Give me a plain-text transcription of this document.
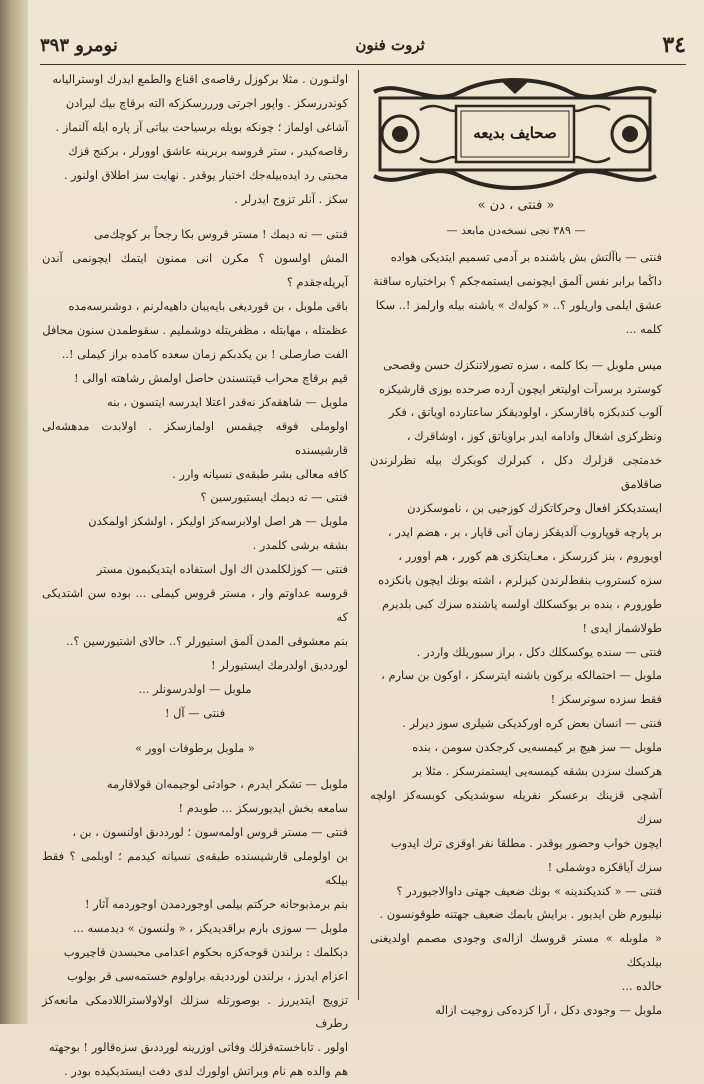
٣٤
ثروت فنون
نومرو ٣٩٣
صحايف بديعه
« فنتى ، دن »
— ٣٨٩ نجى نسخه‌دن مابعد —

اولنـورن . مثلا بركوزل رقاصه‌ى اقناع والطمع ايدرك اوسترالياىه

كوندررسكز . واپور اجرتى ورررسكزكه الته برقاچ بيك ليرادن

آشاغى اولماز ؛ چونكه بويله برسياحت بياتى آز پاره ايله آلنماز .

رقاصه‌كيدر ، ستر قروسه بربرينه عاشق اوورلر ، بركنج قزك

محبتى رد ايده‌بيله‌جك اختيار يوقدر . نهايت سز اطلاق اولنور .

سكز . آنلر تزوج ايدرلر .

فنتى — نه ديمك ! مستر قروس بكا رجحاً بر كوچك‌مى

المش اولسون ؟ مكرن انى ممنون ايتمك ايچونمى آندن آيريله‌جقدم ؟

باقى ملوبل ، بن قورديغى بايه‌يبان داهيه‌لرنم ، دوشىرسه‌مده

عظمتله ، مهابتله ، مظفريتله دوشمليم . سقوطمدن سنون محافل

الفت صارصلى ! بن يكدبكم زمان سعده كامده براز كيملى !..

قيم برقاچ محراب قيتنسندن حاصل اولمش رشاهته اوالى !

ملوبل — شاهقه‌كز نه‌قدر اعتلا ايدرسه ايتسون ، بنه

اولوملى فوقه چيقمس اولمازسكز . اولابدت مدهشه‌لى قارشيسنده

كافه معالى بشر طبقه‌ى نسيانه وارر .

فنتى — نه ديمك ايستيورسين ؟

ملوبل — هر اصل اولابرسه‌كز اوليكز ، اولشكز اولمكدن

بشقه برشى كلمدر .

فنتى — كوزلكلمدن اك اول استفاده ايتديكيمون مستر

قروسه عداوتم وار ، مستر قروس كيملى ... بوده سن اشتديكى كه

بنم معشوقى المدن آلمق استيورلر ؟.. حالاى اشتيورسين ؟..

لوردديق اولدرمك ايستيورلر !

ملوبل — اولدرسونلر ...

فنتى — آل !

« ملوبل برطوفات اوور »

ملوبل — تشكر ايدرم ، حوادثى لوجيمه‌ان قولاقارمه

سامعه بخش ايديورسكز ... طوبدم !

فنتى — مستر قروس اولمه‌سون ؛ لورددىق اولنسون ، بن ،

بن اولوملى قارشيسنده طبقه‌ى نسيانه كيدمم ؛ اوبلمى ؟ فقط بيلكه

بنم برمذبوحانه حركتم بيلمى اوجوردمدن اوجوردمه آثار !

ملوبل — سوزى بارم براقديديكز ، « ولنسون » ديدمسه ...

دېكلمك : برلندن قوجه‌كزه بحكوم اعدامى محبسدن قاچيروب

اعزام ايدرز ، برلندن لوردديقه براولوم خستمه‌سى قر بولوب

تزويج ايتديررز . بوصورتله سزلك اولاولاستراللاد‌مكى مانعه‌كز رطرف

اولور . تاباخسته‌قزلك وفاتى اوزرينه لورددىق سزه‌قالور ! بوجهته

هم والده هم نام وبراتش اولورك لدى دفت ايستديكيده بودر .

فنتى — باآلتش بش ياشنده بر آدمى تسميم ايتديكى هواده

داڭما برابر نفس آلمق ايچونمى ايستمه‌جكم ؟ براختياره ساقنة

عشق ايلمى واريلور ؟.. « كوله‌ك » ياشنه بيله وارلمز !.. سكا

كلمه ...

ميس ملوبل — بكا كلمه ، سزه تصورلاتنكزك حسن وقصحى

كوسترد برسرآت اوليتغر ايچون آرده صرحده بوزى قارشيكزه

آلوب كندبكزه باقارسكز ، اولوديقكز ساعتارده اوياتق ، فكر

ونظركزى اشغال وادامه ايدر براوياتق كوز ، اوشاقرك ،

خدمتجى قزلرك دكل ، كبرلرك كوبكرك بيله نظرلرندن صاقلامق

ايستديككز افعال وحركاتكزك كوزجيى بن ، ناموسكزدن

بر پارچه قوپاروب آلديقكز زمان آنى قاپار ، بر ، هضم ايدر ،

اويوروم ، بنز كزرسكز ، معـايتكزى هم كورر ، هم اوورر ،

سزه كستروب بنقط‌لرندن كيزلرم ، اشته بونك ايچون بانكزده

طورورم ، بنده بر يوكسكلك اولسه ياشنده سزك كبى بلديرم

طولاشماز ايدى !

فنتى — سنده يوكسكلك دكل ، براز سبوريلك واردر .

ملوبل — احتمالكه بركون باشنه ايترسكز ، اوكون بن سارم ،

فقط سزده سونرسكز !

فنتى — انسان بعض كره اوركديكى شيلرى سوز ديرلر .

ملوبل — سز هيچ بر كيمسه‌يى كرجكدن سومن ، بنده

هركسك سزدن بشقه كيمسه‌يى ايستمنرسكز . مثلا بر

آشچى قزينك برعسكر نفريله سوشديكى كوبسه‌كز اولچه سزك

ايچون خواب وحضور يوقدر . مطلقا نفر اوقزى ترك ايدوب

سزك آياقكزه دوشملى !

فنتى — « كنديكندينه » بونك ضعيف جهتى داوالاجيوردر ؟

نيلبورم ظن ايديور . برايش بابمك ضعيف جهتنه طوقونسون .

« ملوبله » مستر قروسك ازاله‌ى وجودى مصمم اولديغنى بيلديكك

حالده ...

ملوبل — وجودى دكل ، آرا كزده‌كى زوجيت ازاله‌
